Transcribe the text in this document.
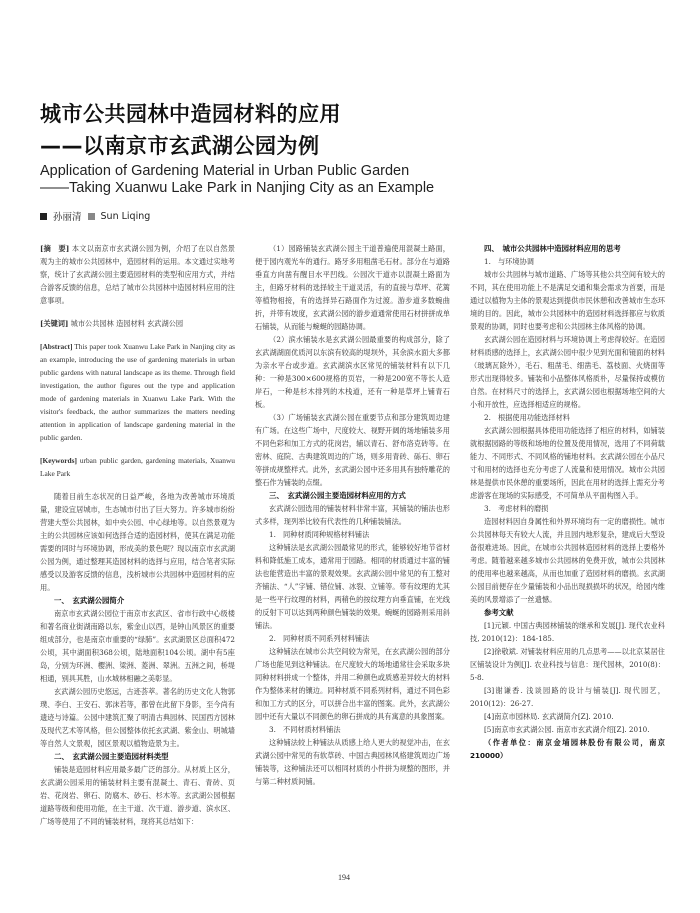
城市公共园林中造园材料的应用
——以南京市玄武湖公园为例
Application of Gardening Material in Urban Public Garden
——Taking Xuanwu Lake Park in Nanjing City as an Example
孙丽清 Sun Liqing

[摘　要] 本文以南京市玄武湖公园为例，介绍了在以自然景观为主的城市公共园林中，造园材料的运用。本文通过实地考察，统计了玄武湖公园主要造园材料的类型和应用方式，并结合游客反馈的信息，总结了城市公共园林中造园材料应用的注意事项。

[关键词] 城市公共园林 造园材料 玄武湖公园

[Abstract] This paper took Xuanwu Lake Park in Nanjing city as an example, introducing the use of gardening materials in urban public gardens with natural landscape as its theme. Through field investigation, the author figures out the type and application mode of gardening materials in Xuanwu Lake Park. With the visitor's feedback, the author summarizes the matters needing attention in application of landscape gardening material in the public garden.

[Keywords] urban public garden, gardening materials, Xuanwu Lake Park

随着目前生态状况的日益严峻，各地为改善城市环境质量，建设宜居城市，生态城市付出了巨大努力。许多城市纷纷营建大型公共园林，如中央公园、中心绿地等。以自然景观为主的公共园林应该如何选择合适的造园材料，使其在满足功能需要的同时与环境协调，形成美的景色呢？现以南京市玄武湖公园为例，通过整理其造园材料的选择与应用，结合笔者实际感受以及游客反馈的信息，浅析城市公共园林中造园材料的应用。

一、　玄武湖公园简介

南京市玄武湖公园位于南京市玄武区、省市行政中心级楼和著名商业街湖南路以东，紫金山以西，是钟山风景区的重要组成部分，也是南京市重要的“绿肺”。玄武湖景区总面积472公顷，其中湖面积368公顷，陆地面积104公顷。湖中有5座岛，分别为环洲、樱洲、梁洲、菱洲、翠洲。五洲之间，桥堤相通，别具其胜，山水城林相融之美彰显。

玄武湖公园历史悠远，古迹荟萃。著名的历史文化人物郭璞、李白、王安石、郭沫若等，都曾在此留下身影，至今尚有遗迹与诗篇。公园中建筑汇聚了明清古典园林、民国西方园林及现代艺术等风格，但公园整体依托玄武湖、紫金山、明城墙等自然人文景观，园区景观以植物造景为主。

二、　玄武湖公园主要造园材料类型

铺装是造园材料应用最多最广泛的部分。从材质上区分，玄武湖公园采用的铺装材料主要有混凝土、青石、青砖、页岩、花岗岩、卵石、防腐木、砂石、杉木等。玄武湖公园根据道路等级和使用功能，在主干道、次干道、游步道、滨水区、广场等使用了不同的铺装材料，现将其总结如下：

（1）园路铺装玄武湖公园主干道普遍使用混凝土路面，便于园内观光车的通行。路牙多用粗凿毛石材。部分在与道路垂直方向凿有醒目水平凹线。公园次干道亦以混凝土路面为主，但路牙材料的选择较主干道灵活，有的直接与草坪、花篱等植物相接，有的选择异石路面作为过渡。游步道多数蜿曲折，并带有坡度，玄武湖公园的游步道通常使用石材拼拼成单石铺装，从而能与蜿蜒的园路协调。

（2）滨水铺装水是玄武湖公园最重要的构成部分，除了玄武湖湖面优质河以东滨有较高的堤坝外，其余滨水面大多都为亲水平台或步道。玄武湖滨水区常见的铺装材料有以下几种：一种是300×600规格的页岩，一种是200宽不等长人造岸石，一种是杉木排列的木栈道，还有一种是草坪上铺青石板。

（3）广场铺装玄武湖公园在重要节点和部分建筑周边建有广场。在这些广场中，尺度较大、视野开阔的场地铺装多用不同色彩和加工方式的花岗岩，辅以青石、舒布洛克砖等。在密林、庭院、古典建筑周边的广场，则多用青砖、砾石、卵石等拼成规整样式。此外，玄武湖公园中还多用具有独特雕花的整石作为铺装的点缀。

三、　玄武湖公园主要造园材料应用的方式

玄武湖公园选用的铺装材料非常丰富，其铺装的铺法也形式多样，现列举比较有代表性的几种铺装铺法。

1.　同种材质同种规格材料铺法

这种铺法是玄武湖公园最常见的形式，能够较好地节省材料和降低施工成本，通常用于园路。相同的材质通过丰富的铺法也能营造出丰富的景观效果。玄武湖公园中常见的有工整对齐铺法、“人”字铺、错位铺、冰裂、立铺等。带有纹理的尤其是一些平行纹理的材料，两稍色的按纹理方向垂直铺，在光线的反射下可以达到两种颜色铺装的效果。蜿蜒的园路则采用斜铺法。

2.　同种材质不同系列材料铺法

这种铺法在城市公共空间较为常见，在玄武湖公园的部分广场也能见到这种铺法。在尺度较大的场地通常往会采取多块同种材料拼成一个整体，并用二种颜色或质感差异较大的材料作为整体来材的镶边。同种材质不同系列材料，通过不同色彩和加工方式的区分，可以拼合出丰富的图案。此外，玄武湖公园中还有大量以不同颜色的卵石拼成的具有寓意的具象图案。

3.　不同材质材料铺法

这种铺法较上种铺法从质感上给人更大的视觉冲击，在玄武湖公园中常见的有软草砖、中国古典园林风格建筑周边广场铺装等，这种铺法还可以相同材质的小件拼为规整的图形，并与第二种材质间铺。

四、　城市公共园林中造园材料应用的思考

1.　与环境协调

城市公共园林与城市道路、广场等其他公共空间有较大的不同，其在使用功能上不是满足交通和集会需求为首要，而是通过以植物为主体的景观达到提供市民休憩和改善城市生态环境的目的。因此，城市公共园林中的造园材料选择都应与软质景观的协调，同时也要考虑和公共园林主体风格的协调。

玄武湖公园在造园材料与环境协调上考虑得较好。在造园材料质感的选择上，玄武湖公园中很少见到光面和镜面的材料（玻璃瓦除外），毛石、粗凿毛、细凿毛、荔枝面、火烧面等形式出现得较多。铺装和小品整体风格质朴，尽量保持或模仿自然。在材料尺寸的选择上，玄武湖公园也根据场地空间的大小和开放性，应选择相适应的规格。

2.　根据使用功能选择材料

玄武湖公园根据具体使用功能选择了相应的材料，如铺装就根据园路的等级和场地的位置及使用情况，选用了不同荷载能力、不同形式、不同风格的铺地材料。玄武湖公园在小品尺寸和用材的选择也充分考虑了人流量和使用情况。城市公共园林是提供市民休憩的重要场所，因此在用材的选择上需充分考虑游客在现场的实际感受，不可简单从平面构图入手。

3.　考虑材料的磨损

造园材料因自身属性和外界环境均有一定的磨损性。城市公共园林每天有较大人流，并且园内地形复杂，建成后大型设备很难进场。因此，在城市公共园林造园材料的选择上要格外考虑。随着越来越多城市公共园林的免费开放，城市公共园林的使用率也越来越高，从而也加重了造园材料的磨损。玄武湖公园目前便存在少量铺装和小品出现损损坏的状况，给园内维美的风景增添了一丝遗憾。

参考文献

[1]元颖. 中国古典园林铺装的继承和发展[J]. 现代农业科技, 2010(12)：184-185.

[2]徐敬斌. 对铺装材料应用的几点思考——以北京某居住区铺装设计为例[J]. 农业科技与信息：现代园林，2010(8)：5-8.

[3]谢谦香. 浅谈园路的设计与铺装[J]. 现代园艺，2010(12)：26-27.

[4]南京市园林局. 玄武湖简介[Z]. 2010.

[5]南京市玄武湖公园. 南京市玄武湖介绍[Z]. 2010.

（作者单位：南京金埔园林股份有限公司，南京 210000）

194
